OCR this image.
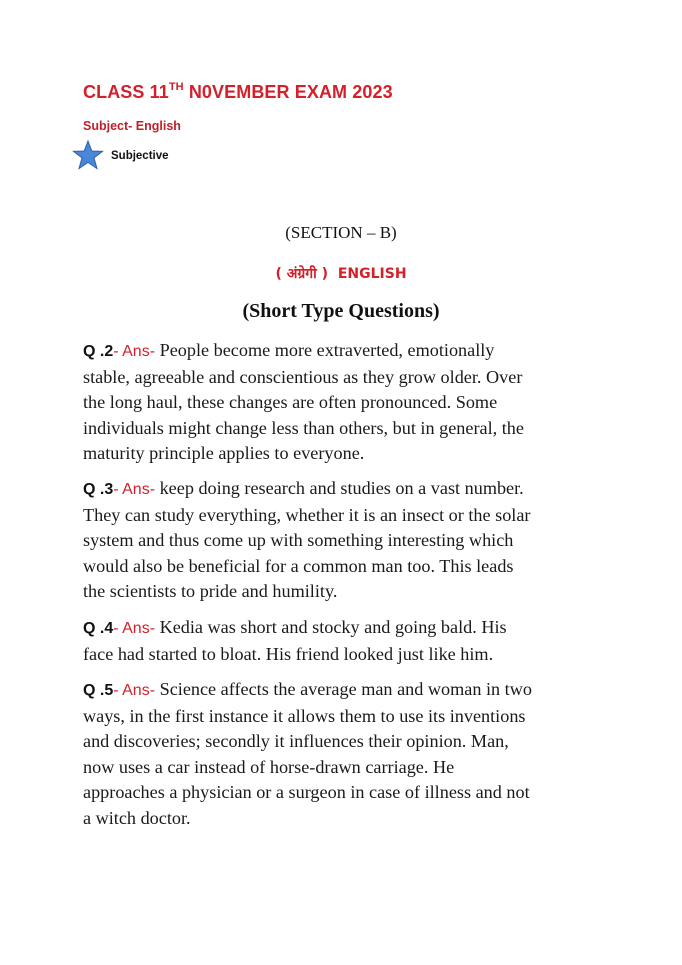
CLASS 11TH N0VEMBER EXAM 2023
Subject- English
Subjective
(SECTION – B)
( अंग्रेगी )  ENGLISH
(Short Type Questions)
Q .2- Ans- People become more extraverted, emotionally
stable, agreeable and conscientious as they grow older. Over
the long haul, these changes are often pronounced. Some
individuals might change less than others, but in general, the
maturity principle applies to everyone.
Q .3- Ans- keep doing research and studies on a vast number.
They can study everything, whether it is an insect or the solar
system and thus come up with something interesting which
would also be beneficial for a common man too. This leads
the scientists to pride and humility.
Q .4- Ans- Kedia was short and stocky and going bald. His
face had started to bloat. His friend looked just like him.
Q .5- Ans- Science affects the average man and woman in two
ways, in the first instance it allows them to use its inventions
and discoveries; secondly it influences their opinion. Man,
now uses a car instead of horse-drawn carriage. He
approaches a physician or a surgeon in case of illness and not
a witch doctor.
